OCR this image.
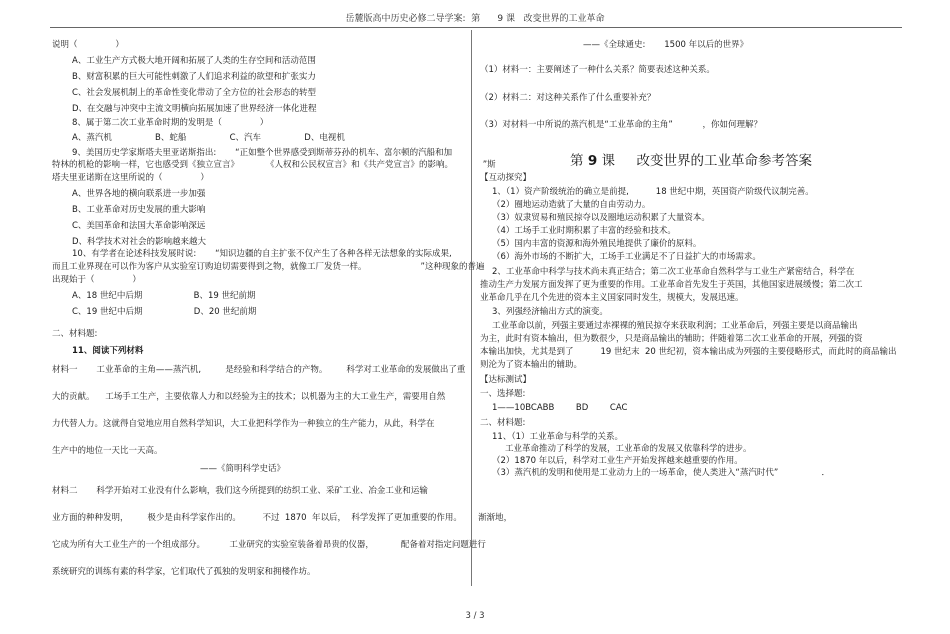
岳麓版高中历史必修二导学案:  第      9 课   改变世界的工业革命
说明（              ）
A、工业生产方式极大地开阔和拓展了人类的生存空间和活动范围
B、财富积累的巨大可能性刺激了人们追求利益的欲望和扩张实力
C、社会发展机制上的革命性变化带动了全方位的社会形态的转型
D、在交融与冲突中主流文明横向拓展加速了世界经济一体化进程
8、属于第二次工业革命时期的发明是（              ）
A、蒸汽机                B、蛇船                C、汽车                D、电视机
9、美国历史学家斯塔夫里亚诺斯指出:       “正如整个世界感受到斯蒂芬孙的机车、富尔顿的汽船和加
特林的机枪的影响一样，它也感受到《独立宣言》          《人权和公民权宣言》和《共产党宣言》的影响。           ”斯
塔夫里亚诺斯在这里所说的（              ）
A、世界各地的横向联系进一步加强
B、工业革命对历史发展的重大影响
C、美国革命和法国大革命影响深远
D、科学技术对社会的影响越来越大
10、有学者在论述科技发展时说:       “知识边疆的自主扩张不仅产生了各种各样无法想象的实际成果,
而且工业界现在可以作为客户从实验室订购迫切需要得到之物，就像工厂发货一样。                    ”这种现象的普遍
出现始于（              ）
A、18 世纪中后期                   B、19 世纪前期
C、19 世纪中后期                   D、20 世纪前期
二、材料题:
11、阅读下列材料
材料一       工业革命的主角——蒸汽机,         是经验和科学结合的产物。       科学对工业革命的发展做出了重
大的贡献。    工场手工生产，主要依靠人力和以经验为主的技术；以机器为主的大工业生产，需要用自然
力代替人力。这就得自觉地应用自然科学知识，大工业把科学作为一种独立的生产能力，从此，科学在
生产中的地位一天比一天高。
——《简明科学史话》
材料二       科学开始对工业没有什么影响，我们这今所提到的纺织工业、采矿工业、冶金工业和运输
业方面的种种发明，       极少是由科学家作出的。        不过  1870  年以后，  科学发挥了更加重要的作用。      渐渐地，
它成为所有大工业生产的一个组成部分。         工业研究的实验室装备着昂贵的仪器，          配备着对指定问题进行
系统研究的训练有素的科学家，它们取代了孤独的发明家和拥楼作坊。
——《全球通史:       1500 年以后的世界》
（1）材料一：主要阐述了一种什么关系？简要表述这种关系。
（2）材料二：对这种关系作了什么重要补充？
（3）对材料一中所说的蒸汽机是“工业革命的主角”           ，你如何理解？
【互动探究】
1、（1）资产阶级统治的确立是前提,          18 世纪中期，英国资产阶级代议制完善。
（2）圈地运动造就了大量的自由劳动力。
（3）奴隶贸易和殖民掠夺以及圈地运动积累了大量资本。
（4）工场手工业时期积累了丰富的经验和技术。
（5）国内丰富的资源和海外殖民地提供了廉价的原料。
（6）海外市场的不断扩大，工场手工业满足不了日益扩大的市场需求。
2、工业革命中科学与技术尚未真正结合；第二次工业革命自然科学与工业生产紧密结合，科学在
推动生产力发展方面发挥了更为重要的作用。工业革命首先发生于英国，其他国家进展缓慢；第二次工
业革命几乎在几个先进的资本主义国家同时发生，规模大，发展迅速。
3、列强经济输出方式的演变。
工业革命以前，列强主要通过赤裸裸的殖民掠夺来获取利润；工业革命后，列强主要是以商品输出
为主，此时有资本输出，但为数很少，只是商品输出的辅助；伴随着第二次工业革命的开展，列强的资
本输出加快，尤其是到了          19 世纪末  20 世纪初，资本输出成为列强的主要侵略形式，而此时的商品输出
则沦为了资本输出的辅助。
【达标测试】
一、选择题:
1——10BCABB        BD        CAC
二、材料题:
11、（1）工业革命与科学的关系。
工业革命推动了科学的发展，工业革命的发展又依靠科学的进步。
（2）1870 年以后，科学对工业生产开始发挥越来越重要的作用。
（3）蒸汽机的发明和使用是工业动力上的一场革命，使人类进入“蒸汽时代”                ．
第 9 课     改变世界的工业革命参考答案
3 / 3
